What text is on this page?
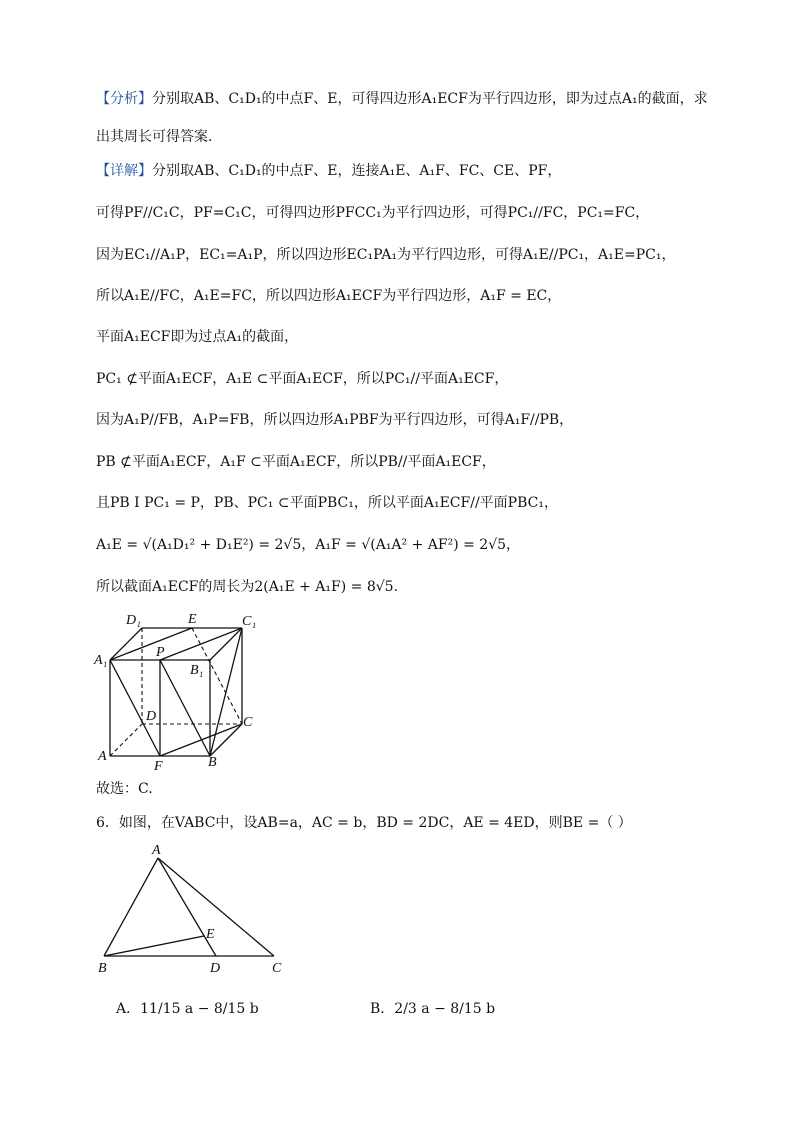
【分析】分别取AB、C₁D₁的中点F、E，可得四边形A₁ECF为平行四边形，即为过点A₁的截面，求
出其周长可得答案.
【详解】分别取AB、C₁D₁的中点F、E，连接A₁E、A₁F、FC、CE、PF，
可得PF//C₁C，PF=C₁C，可得四边形PFCC₁为平行四边形，可得PC₁//FC，PC₁=FC，
因为EC₁//A₁P，EC₁=A₁P，所以四边形EC₁PA₁为平行四边形，可得A₁E//PC₁，A₁E=PC₁，
所以A₁E//FC，A₁E=FC，所以四边形A₁ECF为平行四边形，A₁F = EC，
平面A₁ECF即为过点A₁的截面，
PC₁ ⊄平面A₁ECF，A₁E ⊂平面A₁ECF，所以PC₁//平面A₁ECF，
因为A₁P//FB，A₁P=FB，所以四边形A₁PBF为平行四边形，可得A₁F//PB，
PB ⊄平面A₁ECF，A₁F ⊂平面A₁ECF，所以PB//平面A₁ECF，
且PB I PC₁ = P，PB、PC₁ ⊂平面PBC₁，所以平面A₁ECF//平面PBC₁，
A₁E = √(A₁D₁² + D₁E²) = 2√5，A₁F = √(A₁A² + AF²) = 2√5，
所以截面A₁ECF的周长为2(A₁E + A₁F) = 8√5.
D₁	E	C₁
A₁
P
B₁
D	C
A
F	B
故选：C.
6．如图，在VABC中，设AB=a，AC = b，BD = 2DC，AE = 4ED，则BE =（ ）
A
E
B	D	C
A．11/15 a − 8/15 b	B．2/3 a − 8/15 b
